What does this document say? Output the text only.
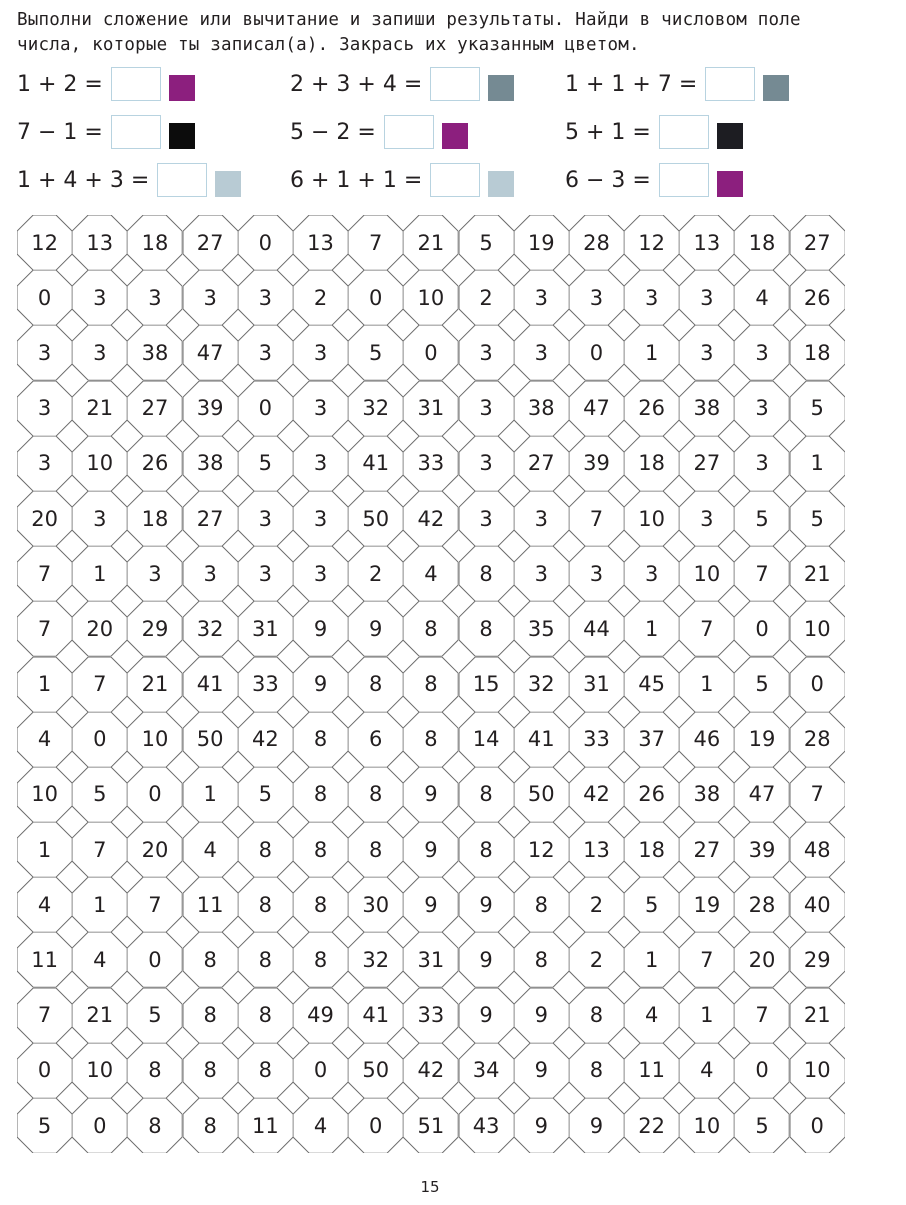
Выполни сложение или вычитание и запиши результаты. Найди в числовом поле

числа, которые ты записал(а). Закрась их указанным цветом.

1 + 2 =	2 + 3 + 4 =	1 + 1 + 7 =
7 − 1 =	5 − 2 =	5 + 1 =
1 + 4 + 3 =	6 + 1 + 1 =	6 − 3 =
12	13	18	27	0	13	7	21	5	19	28	12	13	18	27
0	3	3	3	3	2	0	10	2	3	3	3	3	4	26
3	3	38	47	3	3	5	0	3	3	0	1	3	3	18
3	21	27	39	0	3	32	31	3	38	47	26	38	3	5
3	10	26	38	5	3	41	33	3	27	39	18	27	3	1
20	3	18	27	3	3	50	42	3	3	7	10	3	5	5
7	1	3	3	3	3	2	4	8	3	3	3	10	7	21
7	20	29	32	31	9	9	8	8	35	44	1	7	0	10
1	7	21	41	33	9	8	8	15	32	31	45	1	5	0
4	0	10	50	42	8	6	8	14	41	33	37	46	19	28
10	5	0	1	5	8	8	9	8	50	42	26	38	47	7
1	7	20	4	8	8	8	9	8	12	13	18	27	39	48
4	1	7	11	8	8	30	9	9	8	2	5	19	28	40
11	4	0	8	8	8	32	31	9	8	2	1	7	20	29
7	21	5	8	8	49	41	33	9	9	8	4	1	7	21
0	10	8	8	8	0	50	42	34	9	8	11	4	0	10
5	0	8	8	11	4	0	51	43	9	9	22	10	5	0
15
